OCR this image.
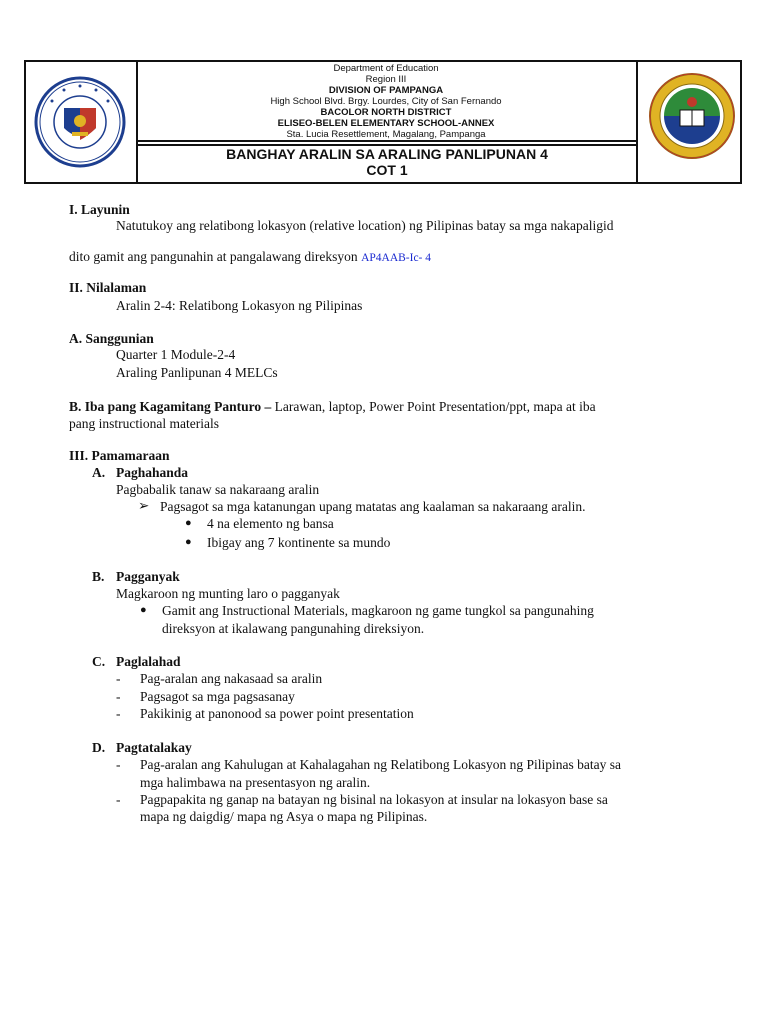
Department of Education
Region III
DIVISION OF PAMPANGA
High School Blvd. Brgy. Lourdes, City of San Fernando
BACOLOR NORTH DISTRICT
ELISEO-BELEN ELEMENTARY SCHOOL-ANNEX
Sta. Lucia Resettlement, Magalang, Pampanga
BANGHAY ARALIN SA ARALING PANLIPUNAN 4
COT 1
I. Layunin
Natutukoy ang relatibong lokasyon (relative location) ng Pilipinas batay sa mga nakapaligid
dito gamit ang pangunahin at pangalawang direksyon AP4AAB-Ic- 4
II. Nilalaman
Aralin 2-4: Relatibong Lokasyon ng Pilipinas
A. Sanggunian
Quarter 1 Module-2-4
Araling Panlipunan 4 MELCs
B. Iba pang Kagamitang Panturo – Larawan, laptop, Power Point Presentation/ppt, mapa at iba
pang instructional materials
III. Pamamaraan
A. Paghahanda
Pagbabalik tanaw sa nakaraang aralin
➢ Pagsagot sa mga katanungan upang matatas ang kaalaman sa nakaraang aralin.
● 4 na elemento ng bansa
● Ibigay ang 7 kontinente sa mundo
B. Pagganyak
Magkaroon ng munting laro o pagganyak
● Gamit ang Instructional Materials, magkaroon ng game tungkol sa pangunahing
direksyon at ikalawang pangunahing direksiyon.
C. Paglalahad
- Pag-aralan ang nakasaad sa aralin
- Pagsagot sa mga pagsasanay
- Pakikinig at panonood sa power point presentation
D. Pagtatalakay
- Pag-aralan ang Kahulugan at Kahalagahan ng Relatibong Lokasyon ng Pilipinas batay sa
mga halimbawa na presentasyon ng aralin.
- Pagpapakita ng ganap na batayan ng bisinal na lokasyon at insular na lokasyon base sa
mapa ng daigdig/ mapa ng Asya o mapa ng Pilipinas.
